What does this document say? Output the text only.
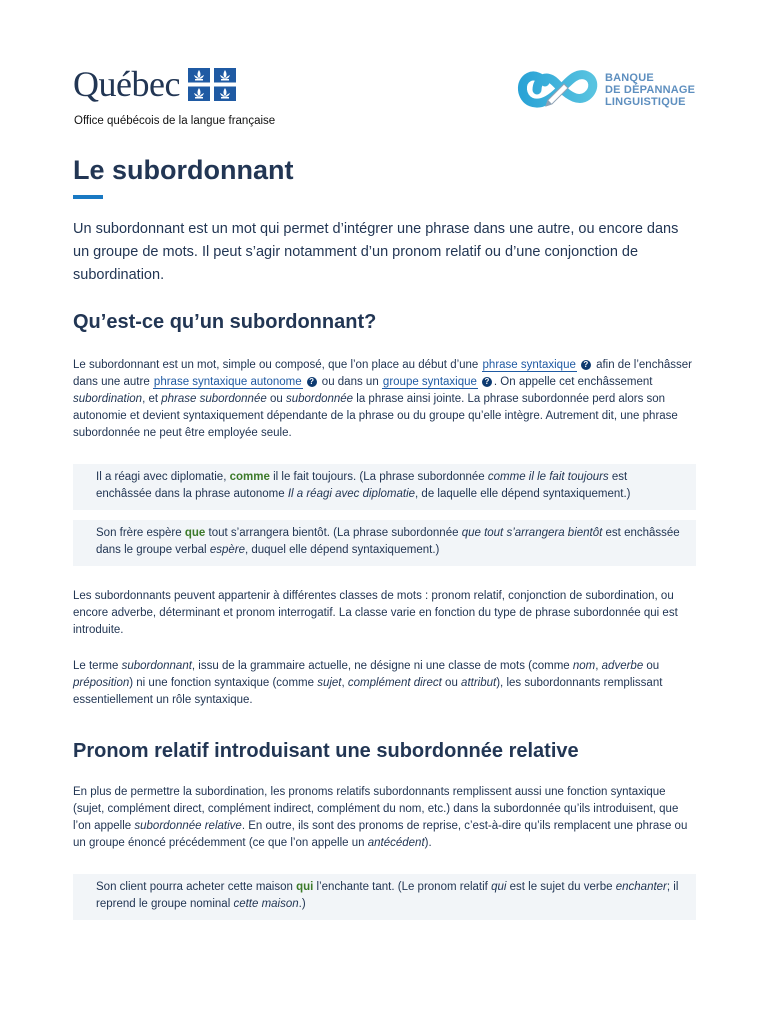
Québec
Office québécois de la langue française
BANQUE
DE DÉPANNAGE
LINGUISTIQUE
Le subordonnant

Un subordonnant est un mot qui permet d’intégrer une phrase dans une autre, ou encore dans un groupe de mots. Il peut s’agir notamment d’un pronom relatif ou d’une conjonction de subordination.

Qu’est-ce qu’un subordonnant?

Le subordonnant est un mot, simple ou composé, que l’on place au début d’une phrase syntaxique ? afin de l’enchâsser dans une autre phrase syntaxique autonome ? ou dans un groupe syntaxique ? . On appelle cet enchâssement subordination, et phrase subordonnée ou subordonnée la phrase ainsi jointe. La phrase subordonnée perd alors son autonomie et devient syntaxiquement dépendante de la phrase ou du groupe qu’elle intègre. Autrement dit, une phrase subordonnée ne peut être employée seule.

Il a réagi avec diplomatie, comme il le fait toujours. (La phrase subordonnée comme il le fait toujours est enchâssée dans la phrase autonome Il a réagi avec diplomatie, de laquelle elle dépend syntaxiquement.)
Son frère espère que tout s’arrangera bientôt. (La phrase subordonnée que tout s’arrangera bientôt est enchâssée dans le groupe verbal espère, duquel elle dépend syntaxiquement.)

Les subordonnants peuvent appartenir à différentes classes de mots : pronom relatif, conjonction de subordination, ou encore adverbe, déterminant et pronom interrogatif. La classe varie en fonction du type de phrase subordonnée qui est introduite.

Le terme subordonnant, issu de la grammaire actuelle, ne désigne ni une classe de mots (comme nom, adverbe ou préposition) ni une fonction syntaxique (comme sujet, complément direct ou attribut), les subordonnants remplissant essentiellement un rôle syntaxique.

Pronom relatif introduisant une subordonnée relative

En plus de permettre la subordination, les pronoms relatifs subordonnants remplissent aussi une fonction syntaxique (sujet, complément direct, complément indirect, complément du nom, etc.) dans la subordonnée qu’ils introduisent, que l’on appelle subordonnée relative. En outre, ils sont des pronoms de reprise, c’est-à-dire qu’ils remplacent une phrase ou un groupe énoncé précédemment (ce que l’on appelle un antécédent).

Son client pourra acheter cette maison qui l’enchante tant. (Le pronom relatif qui est le sujet du verbe enchanter; il reprend le groupe nominal cette maison.)
